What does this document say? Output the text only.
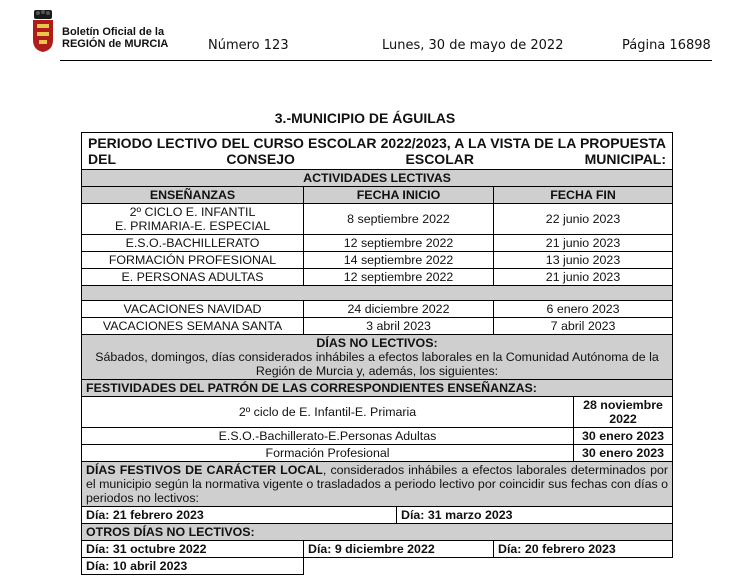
Boletín Oficial de la
REGIÓN de MURCIA	Número 123	Lunes, 30 de mayo de 2022	Página 16898
3.-MUNICIPIO DE ÁGUILAS
PERIODO LECTIVO DEL CURSO ESCOLAR 2022/2023, A LA VISTA DE LA PROPUESTA DEL CONSEJO ESCOLAR MUNICIPAL:				
ACTIVIDADES LECTIVAS				
ENSEÑANZAS	FECHA INICIO		FECHA FIN	

2º CICLO E. INFANTIL
E. PRIMARIA-E. ESPECIAL	8 septiembre 2022		22 junio 2023	
E.S.O.-BACHILLERATO	12 septiembre 2022		21 junio 2023	
FORMACIÓN PROFESIONAL	14 septiembre 2022		13 junio 2023	
E. PERSONAS ADULTAS	12 septiembre 2022		21 junio 2023	

VACACIONES NAVIDAD	24 diciembre 2022		6 enero 2023	
VACACIONES SEMANA SANTA	3 abril 2023		7 abril 2023	

DÍAS NO LECTIVOS:
Sábados, domingos, días considerados inhábiles a efectos laborales en la Comunidad Autónoma de la Región de Murcia y, además, los siguientes:				

FESTIVIDADES DEL PATRÓN DE LAS CORRESPONDIENTES ENSEÑANZAS:				
2º ciclo de E. Infantil-E. Primaria				28 noviembre 2022
E.S.O.-Bachillerato-E.Personas Adultas				30 enero 2023
Formación Profesional				30 enero 2023
DÍAS FESTIVOS DE CARÁCTER LOCAL, considerados inhábiles a efectos laborales determinados por el municipio según la normativa vigente o trasladados a periodo lectivo por coincidir sus fechas con días o periodos no lectivos:				
Día: 21 febrero 2023		Día: 31 marzo 2023		
OTROS DÍAS NO LECTIVOS:				
Día: 31 octubre 2022	Día: 9 diciembre 2022		Día: 20 febrero 2023	
Día: 10 abril 2023				
